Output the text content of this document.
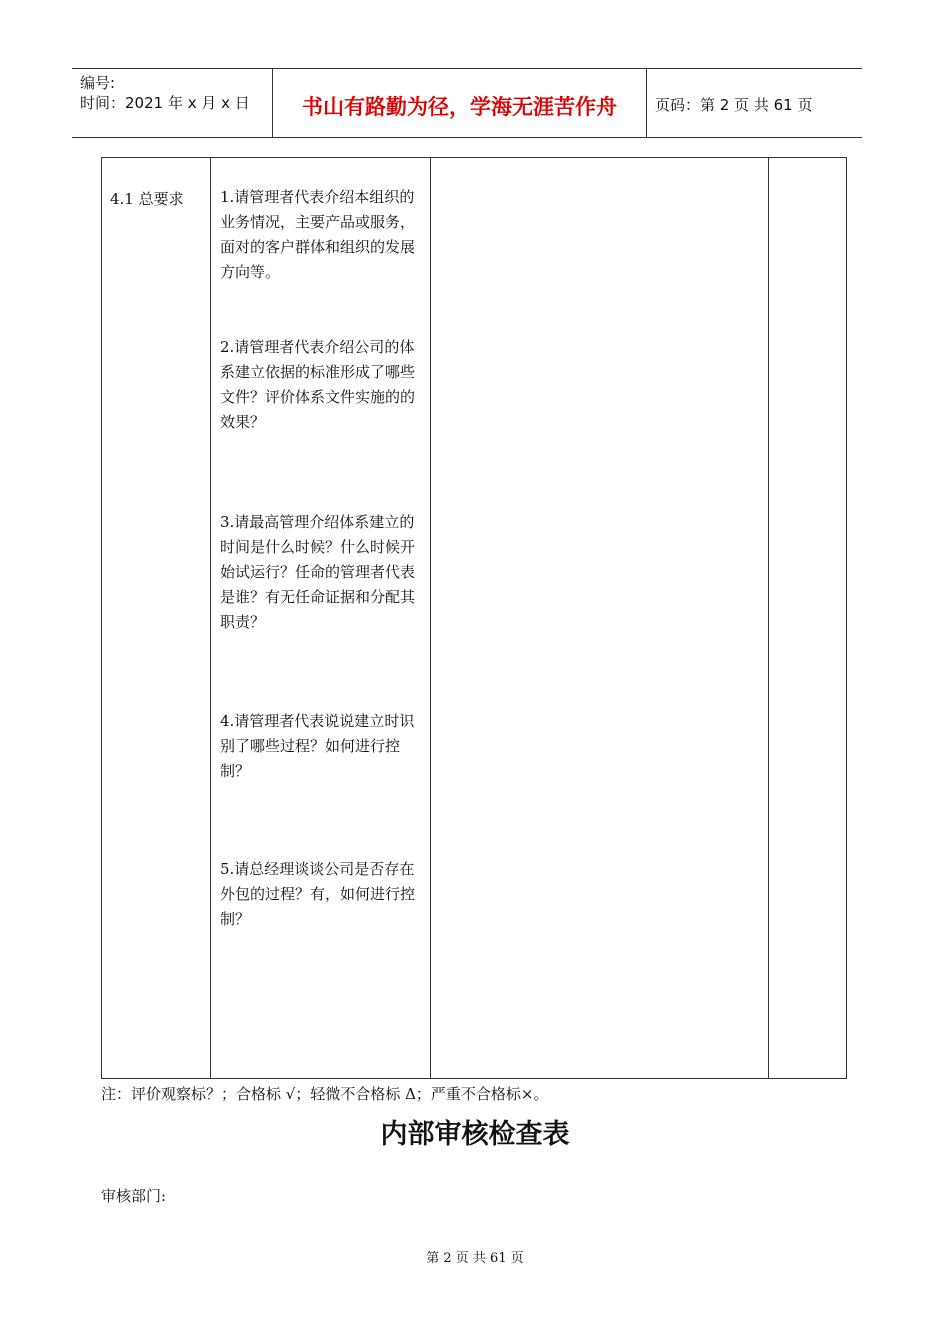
编号:
时间：2021 年 x 月 x 日	书山有路勤为径，学海无涯苦作舟	页码：第 2 页 共 61 页
4.1 总要求 1.请管理者代表介绍本组织的业务情况，主要产品或服务，面对的客户群体和组织的发展方向等。
2.请管理者代表介绍公司的体系建立依据的标准形成了哪些文件？评价体系文件实施的的效果？
3.请最高管理介绍体系建立的时间是什么时候？什么时候开始试运行？任命的管理者代表是谁？有无任命证据和分配其职责？
4.请管理者代表说说建立时识别了哪些过程？如何进行控制？
5.请总经理谈谈公司是否存在外包的过程？有，如何进行控制？
注：评价观察标？；合格标 √；轻微不合格标 Δ；严重不合格标×。
内部审核检查表
审核部门:
第 2 页 共 61 页
